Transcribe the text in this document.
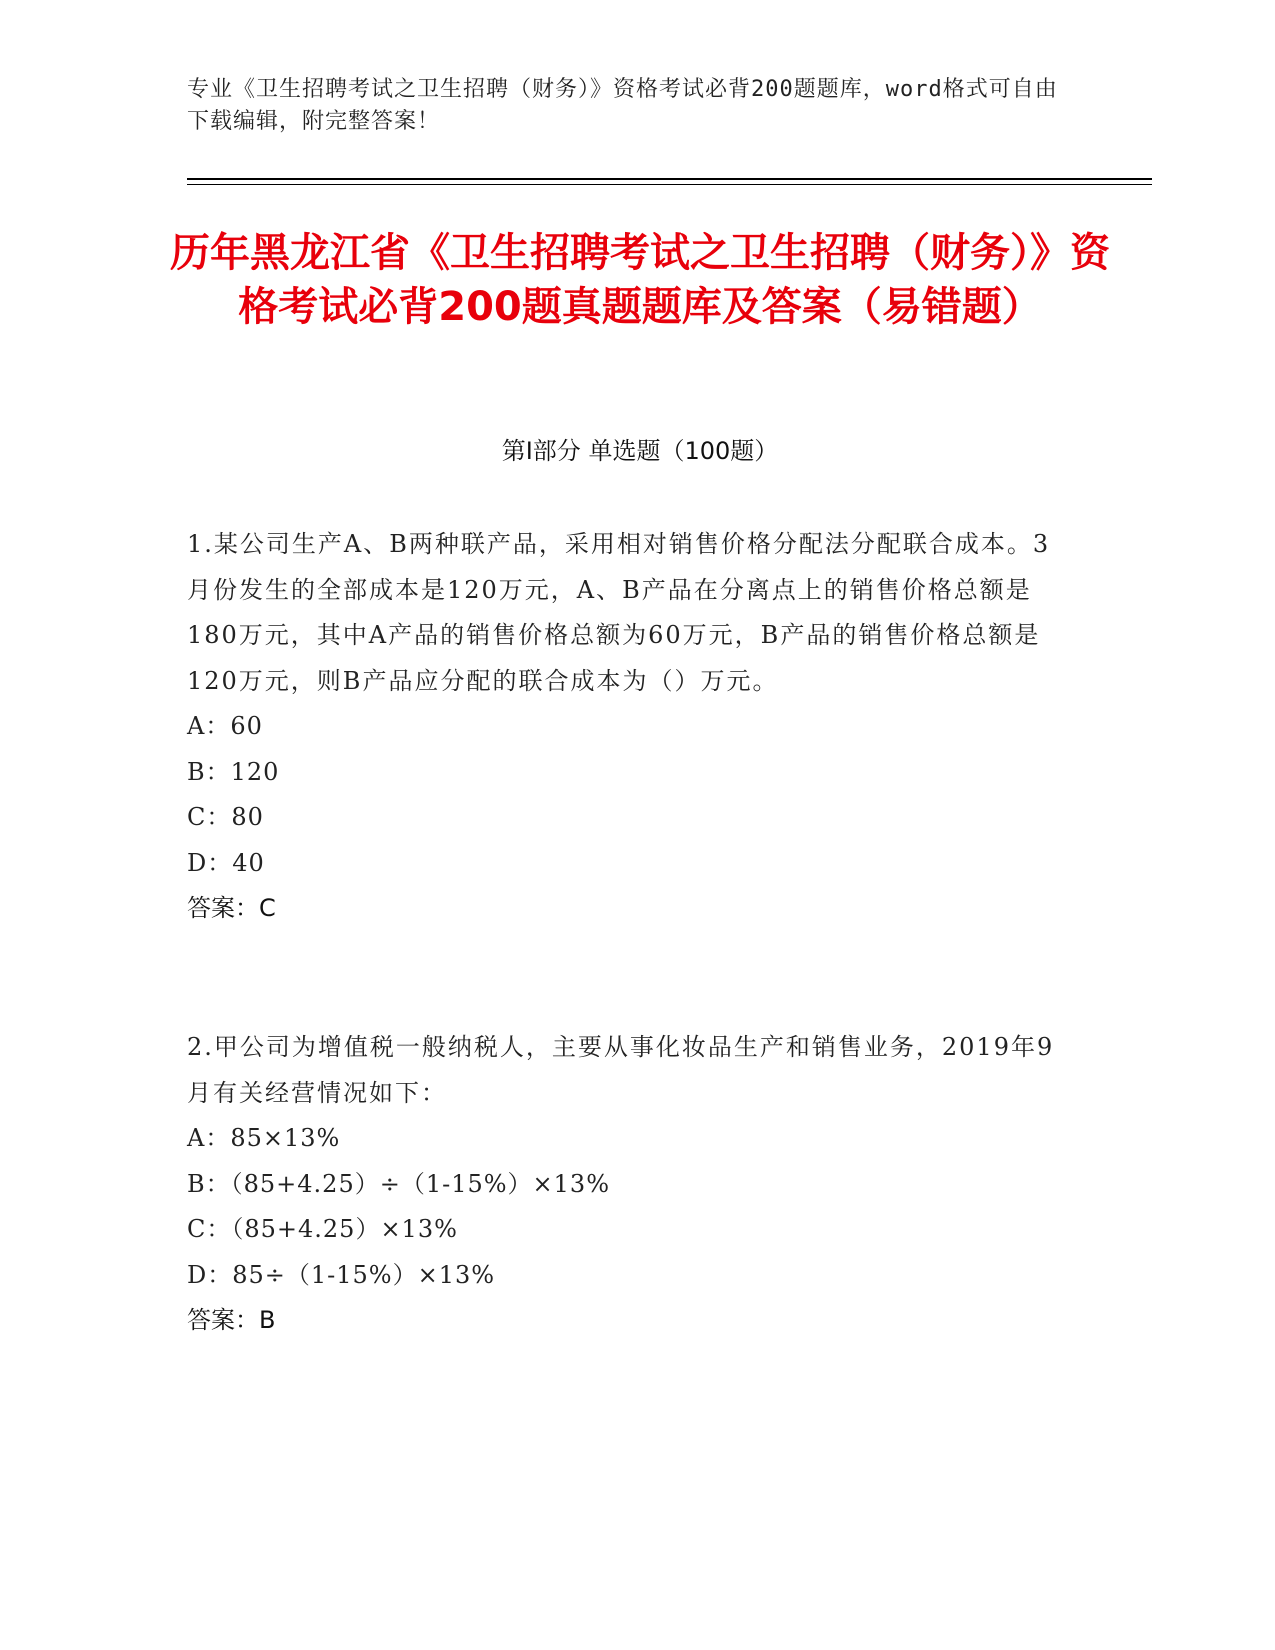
专业《卫生招聘考试之卫生招聘（财务）》资格考试必背200题题库，word格式可自由下载编辑，附完整答案！
历年黑龙江省《卫生招聘考试之卫生招聘（财务）》资格考试必背200题真题题库及答案（易错题）
第I部分 单选题（100题）
1.某公司生产A、B两种联产品，采用相对销售价格分配法分配联合成本。3月份发生的全部成本是120万元，A、B产品在分离点上的销售价格总额是180万元，其中A产品的销售价格总额为60万元，B产品的销售价格总额是120万元，则B产品应分配的联合成本为（）万元。
A：60
B：120
C：80
D：40
答案：C
2.甲公司为增值税一般纳税人，主要从事化妆品生产和销售业务，2019年9月有关经营情况如下：
A：85×13%
B：（85+4.25）÷（1-15%）×13%
C：（85+4.25）×13%
D：85÷（1-15%）×13%
答案：B
